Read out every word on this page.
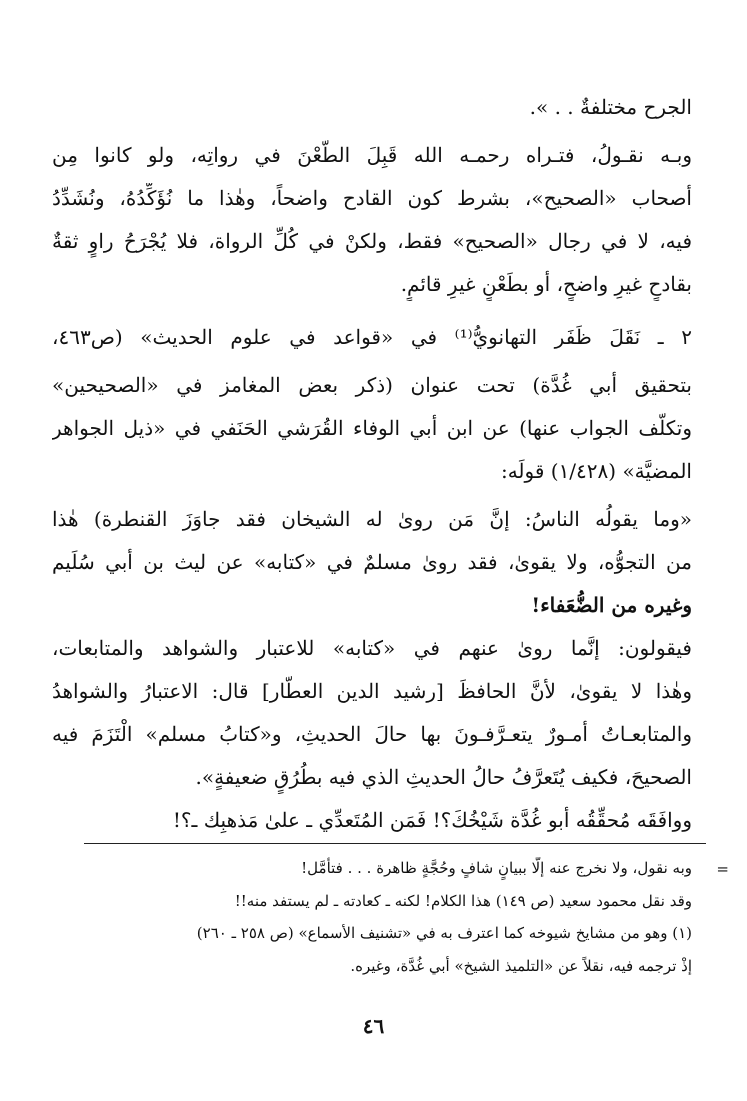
الجرح مختلفةٌ . . ».
وبـه نقـولُ، فتـراه رحمـه الله قَبِلَ الطَّعْنَ في رواتِه، ولو كانوا مِن
أصحاب «الصحيح»، بشرط كون القادح واضحاً، وهٰذا ما نُؤَكِّدُهُ، ونُشَدِّدُ
فيه، لا في رجال «الصحيح» فقط، ولكنْ في كُلِّ الرواة، فلا يُجْرَحُ راوٍ ثقةٌ
بقادحٍ غيرِ واضحٍ، أو بطَعْنٍ غيرِ قائمٍ.
٢ ـ نَقَلَ ظَفَر التهانويُّ⁽¹⁾ في «قواعد في علوم الحديث» (ص٤٦٣،
بتحقيق أبي غُدَّة) تحت عنوان (ذكر بعض المغامز في «الصحيحين»
وتكلُّف الجواب عنها) عن ابن أبي الوفاء القُرَشي الحَنَفي في «ذيل الجواهر
المضيَّة» (١/٤٢٨) قولَه:
«وما يقولُه الناسُ: إنَّ مَن روىٰ له الشيخان فقد جاوَزَ القنطرة) هٰذا
من التجوُّه، ولا يقوىٰ، فقد روىٰ مسلمٌ في «كتابه» عن ليث بن أبي سُلَيم
وغيره من الضُّعَفاء!
فيقولون: إنَّما روىٰ عنهم في «كتابه» للاعتبار والشواهد والمتابعات،
وهٰذا لا يقوىٰ، لأنَّ الحافظَ [رشيد الدين العطّار] قال: الاعتبارُ والشواهدُ
والمتابعـاتُ أمـورٌ يتعـرَّفـونَ بها حالَ الحديثِ، و«كتابُ مسلم» الْتَزَمَ فيه
الصحيحَ، فكيف يُتَعرَّفُ حالُ الحديثِ الذي فيه بطُرُقٍ ضعيفةٍ».
ووافَقَه مُحقِّقُه أبو غُدَّة شَيْخُكَ؟! فَمَن المُتَعدِّي ـ علىٰ مَذهبِك ـ؟!
=
وبه نقول، ولا نخرج عنه إلّا ببيانٍ شافٍ وحُجَّةٍ ظاهرة . . . فتأمَّل!
وقد نقل محمود سعيد (ص ١٤٩) هذا الكلام! لكنه ـ كعادته ـ لم يستفد منه!!
(١) وهو من مشايخ شيوخه كما اعترف به في «تشنيف الأسماع» (ص ٢٥٨ ـ ٢٦٠)
إذْ ترجمه فيه، نقلاً عن «التلميذ الشيخ» أبي غُدَّة، وغيره.
٤٦
